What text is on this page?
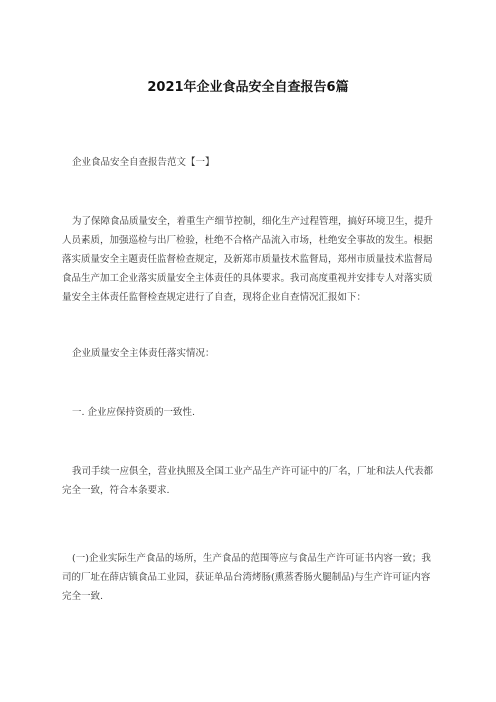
2021年企业食品安全自查报告6篇
企业食品安全自查报告范文【一】
为了保障食品质量安全，着重生产细节控制，细化生产过程管理，搞好环境卫生，提升人员素质，加强巡检与出厂检验，杜绝不合格产品流入市场，杜绝安全事故的发生。根据落实质量安全主题责任监督检查规定，及新郑市质量技术监督局，郑州市质量技术监督局食品生产加工企业落实质量安全主体责任的具体要求。我司高度重视并安排专人对落实质量安全主体责任监督检查规定进行了自查，现将企业自查情况汇报如下：
企业质量安全主体责任落实情况：
一. 企业应保持资质的一致性.
我司手续一应俱全，营业执照及全国工业产品生产许可证中的厂名，厂址和法人代表都完全一致，符合本条要求.
(一)企业实际生产食品的场所，生产食品的范围等应与食品生产许可证书内容一致；我司的厂址在薛店镇食品工业园，获证单品台湾烤肠(熏蒸香肠火腿制品)与生产许可证内容完全一致.
